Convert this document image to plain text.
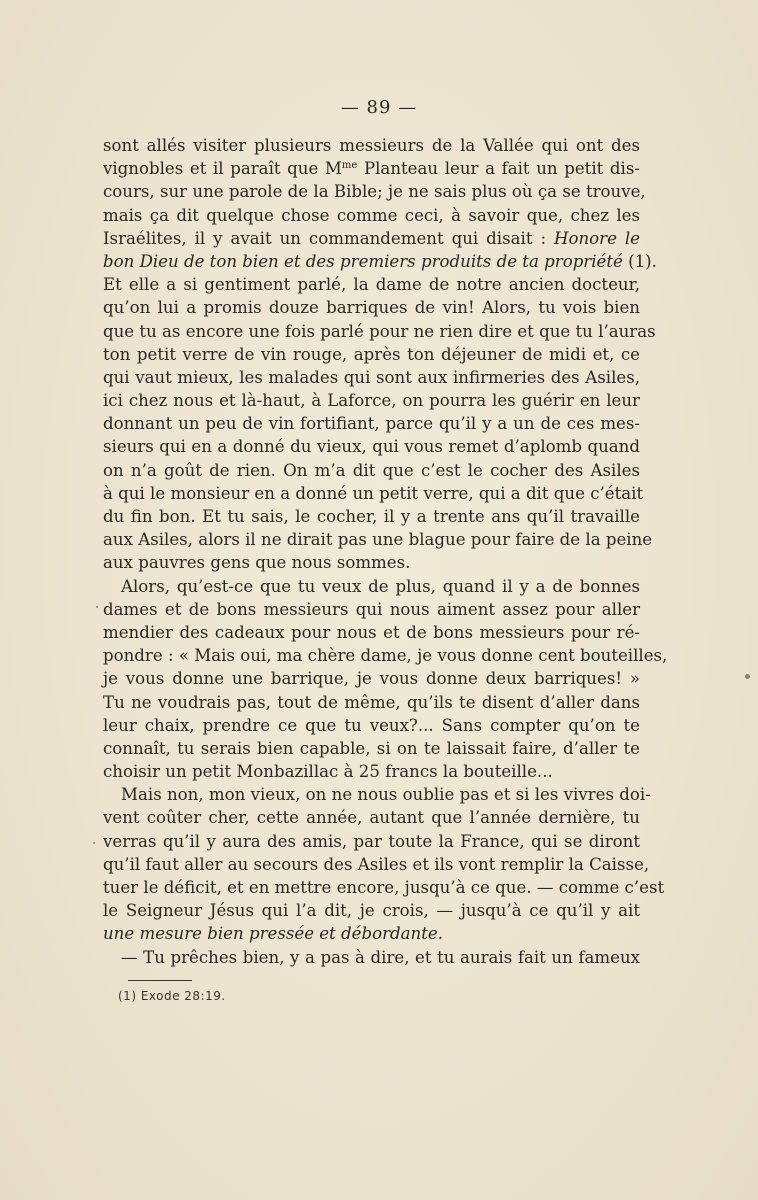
— 89 —
sont allés visiter plusieurs messieurs de la Vallée qui ont des
vignobles et il paraît que $M^{me}$ Planteau leur a fait un petit dis-
cours, sur une parole de la Bible; je ne sais plus où ça se trouve,
mais ça dit quelque chose comme ceci, à savoir que, chez les
Israélites, il y avait un commandement qui disait : Honore le
bon Dieu de ton bien et des premiers produits de ta propriété (1).
Et elle a si gentiment parlé, la dame de notre ancien docteur,
qu’on lui a promis douze barriques de vin! Alors, tu vois bien
que tu as encore une fois parlé pour ne rien dire et que tu l’auras
ton petit verre de vin rouge, après ton déjeuner de midi et, ce
qui vaut mieux, les malades qui sont aux infirmeries des Asiles,
ici chez nous et là-haut, à Laforce, on pourra les guérir en leur
donnant un peu de vin fortifiant, parce qu’il y a un de ces mes-
sieurs qui en a donné du vieux, qui vous remet d’aplomb quand
on n’a goût de rien. On m’a dit que c’est le cocher des Asiles
à qui le monsieur en a donné un petit verre, qui a dit que c’était
du fin bon. Et tu sais, le cocher, il y a trente ans qu’il travaille
aux Asiles, alors il ne dirait pas une blague pour faire de la peine
aux pauvres gens que nous sommes.
Alors, qu’est-ce que tu veux de plus, quand il y a de bonnes
dames et de bons messieurs qui nous aiment assez pour aller
mendier des cadeaux pour nous et de bons messieurs pour ré-
pondre : « Mais oui, ma chère dame, je vous donne cent bouteilles,
je vous donne une barrique, je vous donne deux barriques! »
Tu ne voudrais pas, tout de même, qu’ils te disent d’aller dans
leur chaix, prendre ce que tu veux?... Sans compter qu’on te
connaît, tu serais bien capable, si on te laissait faire, d’aller te
choisir un petit Monbazillac à 25 francs la bouteille...
Mais non, mon vieux, on ne nous oublie pas et si les vivres doi-
vent coûter cher, cette année, autant que l’année dernière, tu
verras qu’il y aura des amis, par toute la France, qui se diront
qu’il faut aller au secours des Asiles et ils vont remplir la Caisse,
tuer le déficit, et en mettre encore, jusqu’à ce que. — comme c’est
le Seigneur Jésus qui l’a dit, je crois, — jusqu’à ce qu’il y ait
une mesure bien pressée et débordante.
— Tu prêches bien, y a pas à dire, et tu aurais fait un fameux
(1) Exode 28:19.
